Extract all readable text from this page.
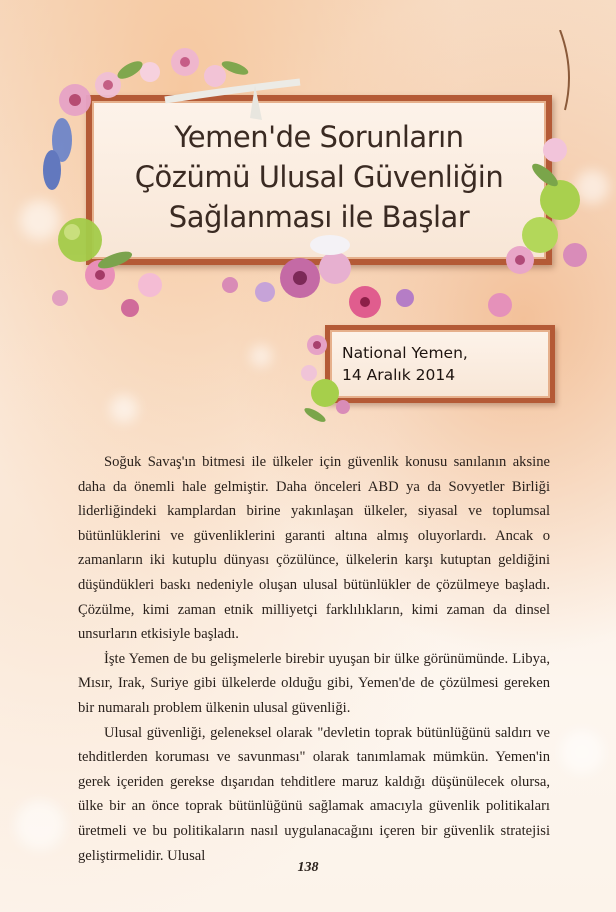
Yemen'de Sorunların
Çözümü Ulusal Güvenliğin
Sağlanması ile Başlar

National Yemen,
14 Aralık 2014

Soğuk Savaş'ın bitmesi ile ülkeler için güvenlik konusu sanılanın aksine daha da önemli hale gelmiştir. Daha önceleri ABD ya da Sovyetler Birliği liderliğindeki kamplardan birine yakınlaşan ülkeler, siyasal ve toplumsal bütünlüklerini ve güvenliklerini garanti altına almış oluyorlardı. Ancak o zamanların iki kutuplu dünyası çözülünce, ülkelerin karşı kutuptan geldiğini düşündükleri baskı nedeniyle oluşan ulusal bütünlükler de çözülmeye başladı. Çözülme, kimi zaman etnik milliyetçi farklılıkların, kimi zaman da dinsel unsurların etkisiyle başladı.

İşte Yemen de bu gelişmelerle birebir uyuşan bir ülke görünümünde. Libya, Mısır, Irak, Suriye gibi ülkelerde olduğu gibi, Yemen'de de çözülmesi gereken bir numaralı problem ülkenin ulusal güvenliği.

Ulusal güvenliği, geleneksel olarak "devletin toprak bütünlüğünü saldırı ve tehditlerden koruması ve savunması" olarak tanımlamak mümkün. Yemen'in gerek içeriden gerekse dışarıdan tehditlere maruz kaldığı düşünülecek olursa, ülke bir an önce toprak bütünlüğünü sağlamak amacıyla güvenlik politikaları üretmeli ve bu politikaların nasıl uygulanacağını içeren bir güvenlik stratejisi geliştirmelidir. Ulusal

138
